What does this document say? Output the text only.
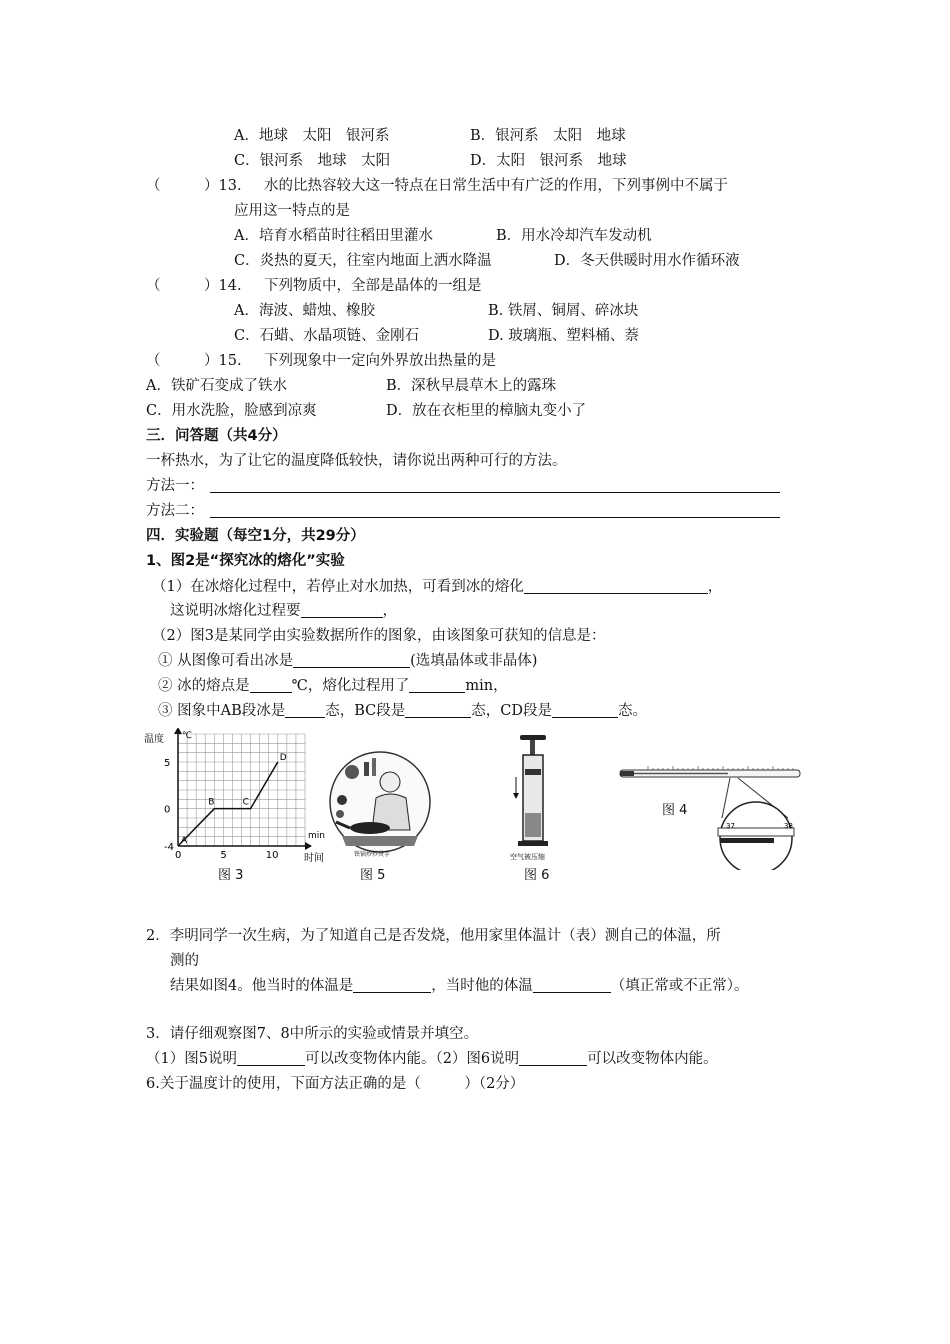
A．地球　太阳　银河系	B．银河系　太阳　地球
C．银河系　地球　太阳	D．太阳　银河系　地球
（　　　）13. 水的比热容较大这一特点在日常生活中有广泛的作用，下列事例中不属于
应用这一特点的是
A．培育水稻苗时往稻田里灌水	B．用水冷却汽车发动机
C．炎热的夏天，往室内地面上洒水降温	D．冬天供暖时用水作循环液
（　　　）14. 下列物质中，全部是晶体的一组是
A．海波、蜡烛、橡胶	B. 铁屑、铜屑、碎冰块
C．石蜡、水晶项链、金刚石	D. 玻璃瓶、塑料桶、萘
（　　　）15. 下列现象中一定向外界放出热量的是
A．铁矿石变成了铁水	B．深秋早晨草木上的露珠
C．用水洗脸，脸感到凉爽	D．放在衣柜里的樟脑丸变小了
三．问答题（共4分）
一杯热水，为了让它的温度降低较快，请你说出两种可行的方法。
方法一：
方法二：
四．实验题（每空1分，共29分）
1、图2是“探究冰的熔化”实验
（1）在冰熔化过程中，若停止对水加热，可看到冰的熔化	，
这说明冰熔化过程要	，
（2）图3是某同学由实验数据所作的图象，由该图象可获知的信息是：
① 从图像可看出冰是	(选填晶体或非晶体)
② 冰的熔点是	℃，熔化过程用了	min，
③ 图象中AB段冰是	态，BC段是	态，CD段是	态。
温度 ℃
min
时间
0	5	10
-4
0
5
A
B	C
D
图 3
铁锅炒炒烫手
图 5
空气被压缩
图 6
37	38
图 4
2．李明同学一次生病，为了知道自己是否发烧，他用家里体温计（表）测自己的体温，所
测的
结果如图4。他当时的体温是	，当时他的体温	（填正常或不正常）。
3．请仔细观察图7、8中所示的实验或情景并填空。
（1）图5说明	可以改变物体内能。（2）图6说明	可以改变物体内能。
6.关于温度计的使用，下面方法正确的是（　　　）（2分）
